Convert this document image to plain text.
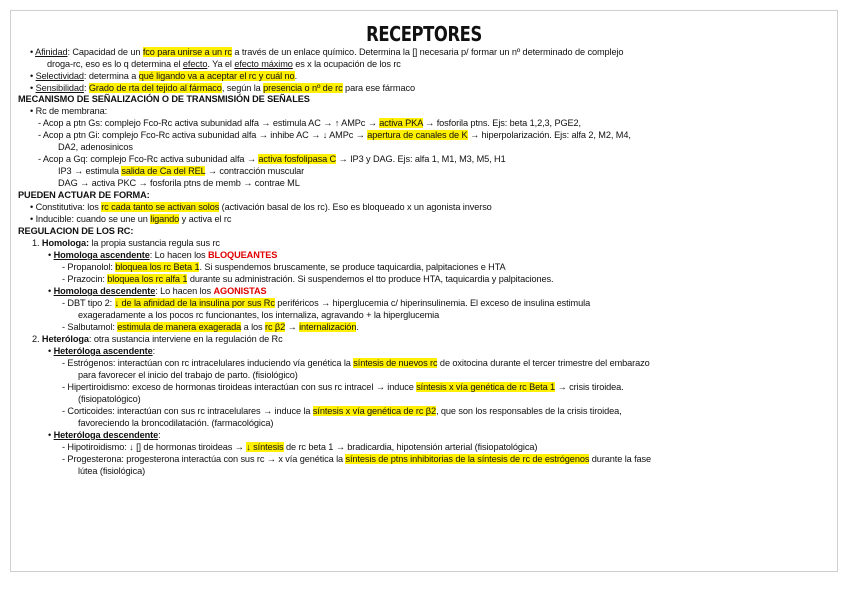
RECEPTORES
• Afinidad: Capacidad de un fco para unirse a un rc a través de un enlace químico. Determina la [] necesaria p/ formar un nº determinado de complejo
droga-rc, eso es lo q determina el efecto. Ya el efecto máximo es x la ocupación de los rc
• Selectividad: determina a qué ligando va a aceptar el rc y cuál no.
• Sensibilidad: Grado de rta del tejido al fármaco, según la presencia o nº de rc para ese fármaco
MECANISMO DE SEÑALIZACIÓN O DE TRANSMISIÓN DE SEÑALES
• Rc de membrana:
- Acop a ptn Gs: complejo Fco-Rc activa subunidad alfa → estimula AC → ↑ AMPc → activa PKA → fosforila ptns. Ejs: beta 1,2,3, PGE2,
- Acop a ptn Gi: complejo Fco-Rc activa subunidad alfa → inhibe AC → ↓ AMPc → apertura de canales de K → hiperpolarización. Ejs: alfa 2, M2, M4,
DA2, adenosinicos
- Acop a Gq: complejo Fco-Rc activa subunidad alfa → activa fosfolipasa C → IP3 y DAG. Ejs: alfa 1, M1, M3, M5, H1
IP3 → estimula salida de Ca del REL → contracción muscular
DAG → activa PKC → fosforila ptns de memb → contrae ML
PUEDEN ACTUAR DE FORMA:
• Constitutiva: los rc cada tanto se activan solos (activación basal de los rc). Eso es bloqueado x un agonista inverso
• Inducible: cuando se une un ligando y activa el rc
REGULACION DE LOS RC:
1. Homologa: la propia sustancia regula sus rc
• Homologa ascendente: Lo hacen los BLOQUEANTES
- Propanolol: bloquea los rc Beta 1. Si suspendemos bruscamente, se produce taquicardia, palpitaciones e HTA
- Prazocin: bloquea los rc alfa 1 durante su administración. Si suspendemos el tto produce HTA, taquicardia y palpitaciones.
• Homologa descendente: Lo hacen los AGONISTAS
- DBT tipo 2: ↓ de la afinidad de la insulina por sus Rc periféricos → hiperglucemia c/ hiperinsulinemia. El exceso de insulina estimula
exageradamente a los pocos rc funcionantes, los internaliza, agravando + la hiperglucemia
- Salbutamol: estimula de manera exagerada a los rc β2 → internalización.
2. Heteróloga: otra sustancia interviene en la regulación de Rc
• Heteróloga ascendente:
- Estrógenos: interactúan con rc intracelulares induciendo vía genética la síntesis de nuevos rc de oxitocina durante el tercer trimestre del embarazo
para favorecer el inicio del trabajo de parto. (fisiológico)
- Hipertiroidismo: exceso de hormonas tiroideas interactúan con sus rc intracel → induce síntesis x vía genética de rc Beta 1 → crisis tiroidea.
(fisiopatológico)
- Corticoides: interactúan con sus rc intracelulares → induce la síntesis x vía genética de rc β2, que son los responsables de la crisis tiroidea,
favoreciendo la broncodilatación. (farmacológica)
• Heteróloga descendente:
- Hipotiroidismo: ↓ [] de hormonas tiroideas → ↓ síntesis de rc beta 1 → bradicardia, hipotensión arterial (fisiopatológica)
- Progesterona: progesterona interactúa con sus rc → x vía genética la síntesis de ptns inhibitorias de la síntesis de rc de estrógenos durante la fase
lútea (fisiológica)
